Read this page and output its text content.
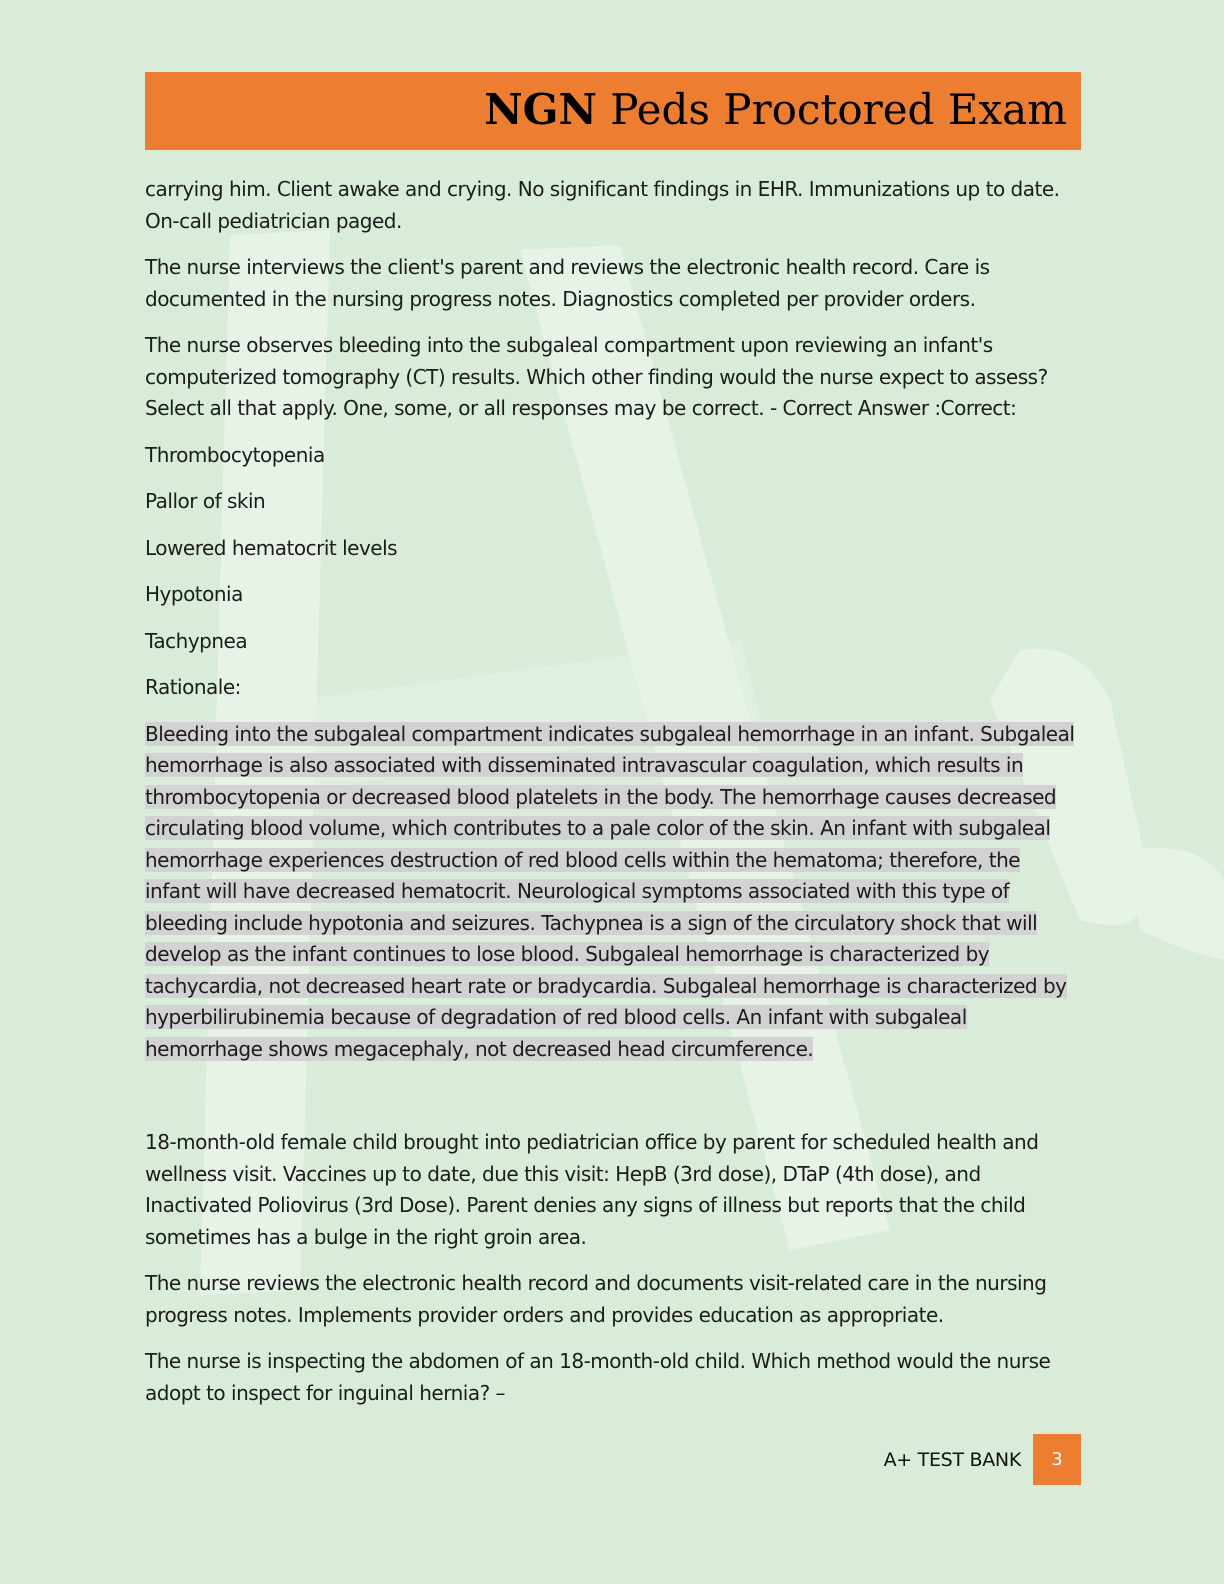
NGN Peds Proctored Exam

carrying him. Client awake and crying. No significant findings in EHR. Immunizations up to date. On-call pediatrician paged.

The nurse interviews the client's parent and reviews the electronic health record. Care is documented in the nursing progress notes. Diagnostics completed per provider orders.

The nurse observes bleeding into the subgaleal compartment upon reviewing an infant's computerized tomography (CT) results. Which other finding would the nurse expect to assess? Select all that apply. One, some, or all responses may be correct. - Correct Answer :Correct:

Thrombocytopenia

Pallor of skin

Lowered hematocrit levels

Hypotonia

Tachypnea

Rationale:

Bleeding into the subgaleal compartment indicates subgaleal hemorrhage in an infant. Subgaleal hemorrhage is also associated with disseminated intravascular coagulation, which results in thrombocytopenia or decreased blood platelets in the body. The hemorrhage causes decreased circulating blood volume, which contributes to a pale color of the skin. An infant with subgaleal hemorrhage experiences destruction of red blood cells within the hematoma; therefore, the infant will have decreased hematocrit. Neurological symptoms associated with this type of bleeding include hypotonia and seizures. Tachypnea is a sign of the circulatory shock that will develop as the infant continues to lose blood. Subgaleal hemorrhage is characterized by tachycardia, not decreased heart rate or bradycardia. Subgaleal hemorrhage is characterized by hyperbilirubinemia because of degradation of red blood cells. An infant with subgaleal hemorrhage shows megacephaly, not decreased head circumference.

18-month-old female child brought into pediatrician office by parent for scheduled health and wellness visit. Vaccines up to date, due this visit: HepB (3rd dose), DTaP (4th dose), and Inactivated Poliovirus (3rd Dose). Parent denies any signs of illness but reports that the child sometimes has a bulge in the right groin area.

The nurse reviews the electronic health record and documents visit-related care in the nursing progress notes. Implements provider orders and provides education as appropriate.

The nurse is inspecting the abdomen of an 18-month-old child. Which method would the nurse adopt to inspect for inguinal hernia? –

A+ TEST BANK	3
